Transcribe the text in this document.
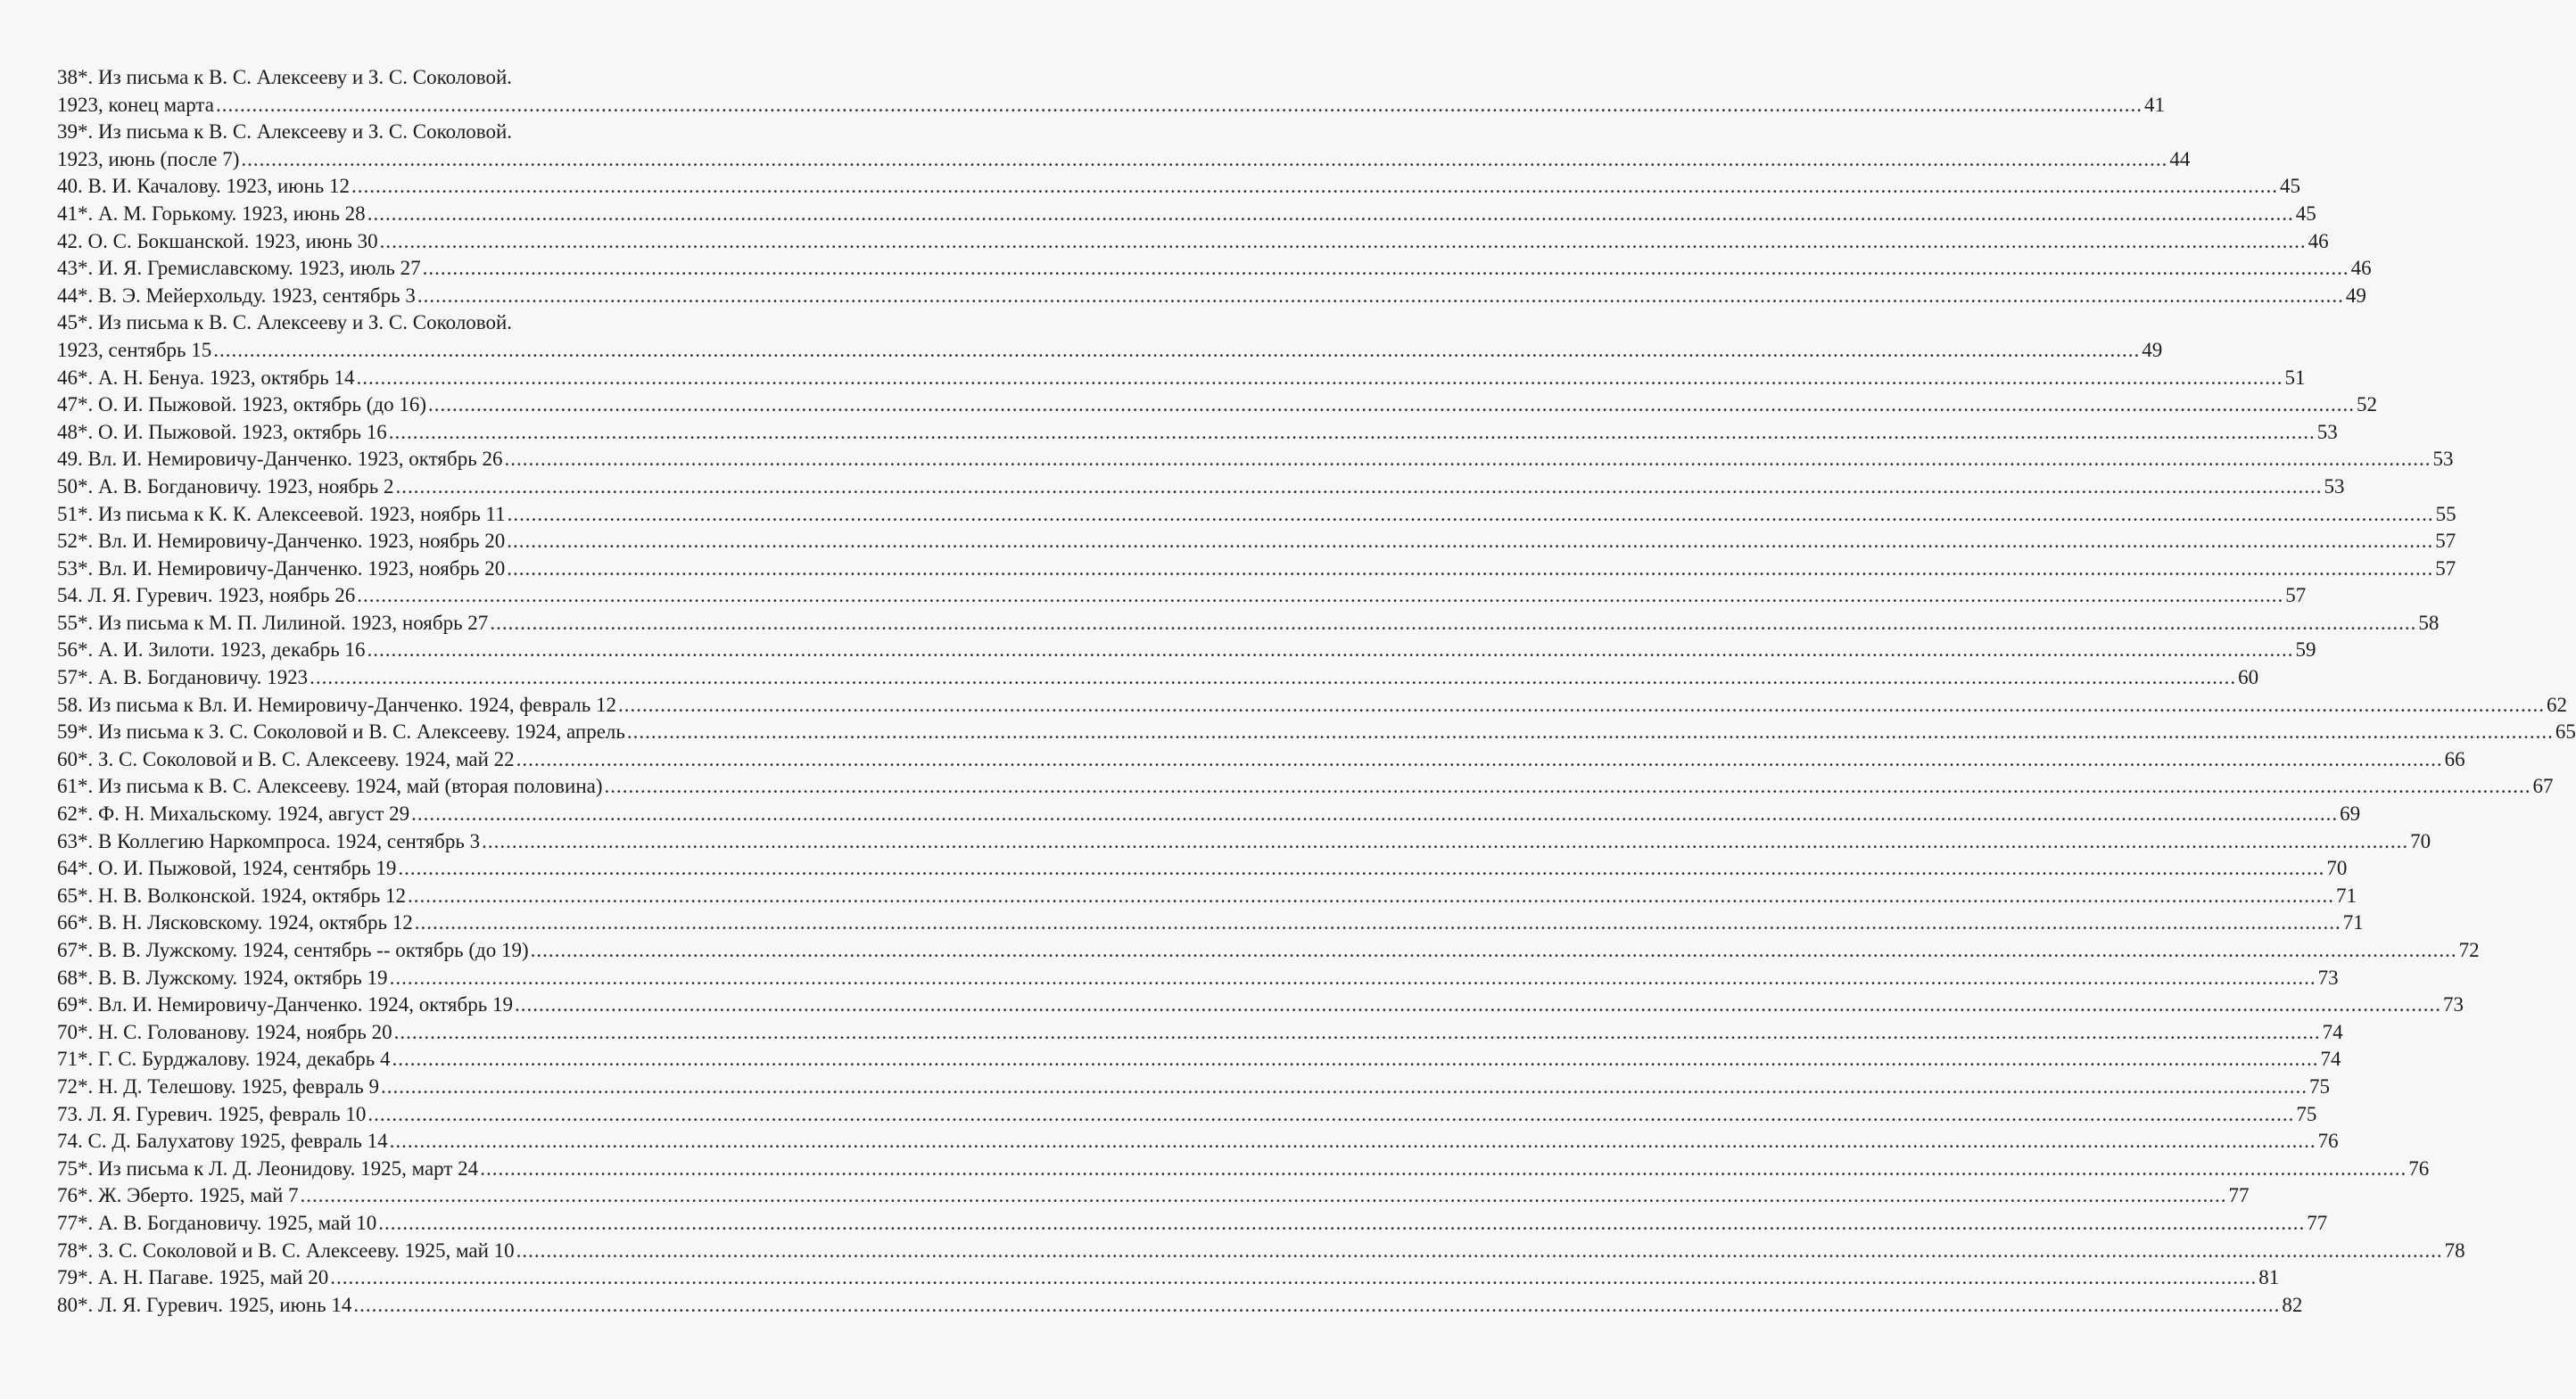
38*. Из письма к В. С. Алексееву и З. С. Соколовой.
1923, конец марта .....	41
39*. Из письма к В. С. Алексееву и З. С. Соколовой.
1923, июнь (после 7) .....	44
40. В. И. Качалову. 1923, июнь 12 .....	45
41*. А. М. Горькому. 1923, июнь 28 .....	45
42. О. С. Бокшанской. 1923, июнь 30 .....	46
43*. И. Я. Гремиславскому. 1923, июль 27 .....	46
44*. В. Э. Мейерхольду. 1923, сентябрь 3 .....	49
45*. Из письма к В. С. Алексееву и З. С. Соколовой.
1923, сентябрь 15 .....	49
46*. А. Н. Бенуа. 1923, октябрь 14 .....	51
47*. О. И. Пыжовой. 1923, октябрь (до 16) .....	52
48*. О. И. Пыжовой. 1923, октябрь 16 .....	53
49. Вл. И. Немировичу-Данченко. 1923, октябрь 26 .....	53
50*. А. В. Богдановичу. 1923, ноябрь 2 .....	53
51*. Из письма к К. К. Алексеевой. 1923, ноябрь 11 .....	55
52*. Вл. И. Немировичу-Данченко. 1923, ноябрь 20 .....	57
53*. Вл. И. Немировичу-Данченко. 1923, ноябрь 20 .....	57
54. Л. Я. Гуревич. 1923, ноябрь 26 .....	57
55*. Из письма к М. П. Лилиной. 1923, ноябрь 27 .....	58
56*. А. И. Зилоти. 1923, декабрь 16 .....	59
57*. А. В. Богдановичу. 1923 .....	60
58. Из письма к Вл. И. Немировичу-Данченко. 1924, февраль 12 .....	62
59*. Из письма к З. С. Соколовой и В. С. Алексееву. 1924, апрель .....	65
60*. З. С. Соколовой и В. С. Алексееву. 1924, май 22 .....	66
61*. Из письма к В. С. Алексееву. 1924, май (вторая половина) .....	67
62*. Ф. Н. Михальскому. 1924, август 29 .....	69
63*. В Коллегию Наркомпроса. 1924, сентябрь 3 .....	70
64*. О. И. Пыжовой, 1924, сентябрь 19 .....	70
65*. Н. В. Волконской. 1924, октябрь 12 .....	71
66*. В. Н. Лясковскому. 1924, октябрь 12 .....	71
67*. В. В. Лужскому. 1924, сентябрь -- октябрь (до 19) .....	72
68*. В. В. Лужскому. 1924, октябрь 19 .....	73
69*. Вл. И. Немировичу-Данченко. 1924, октябрь 19 .....	73
70*. Н. С. Голованову. 1924, ноябрь 20 .....	74
71*. Г. С. Бурджалову. 1924, декабрь 4 .....	74
72*. Н. Д. Телешову. 1925, февраль 9 .....	75
73. Л. Я. Гуревич. 1925, февраль 10 .....	75
74. С. Д. Балухатову 1925, февраль 14 .....	76
75*. Из письма к Л. Д. Леонидову. 1925, март 24 .....	76
76*. Ж. Эберто. 1925, май 7 .....	77
77*. А. В. Богдановичу. 1925, май 10 .....	77
78*. З. С. Соколовой и В. С. Алексееву. 1925, май 10 .....	78
79*. А. Н. Пагаве. 1925, май 20 .....	81
80*. Л. Я. Гуревич. 1925, июнь 14 .....	82
